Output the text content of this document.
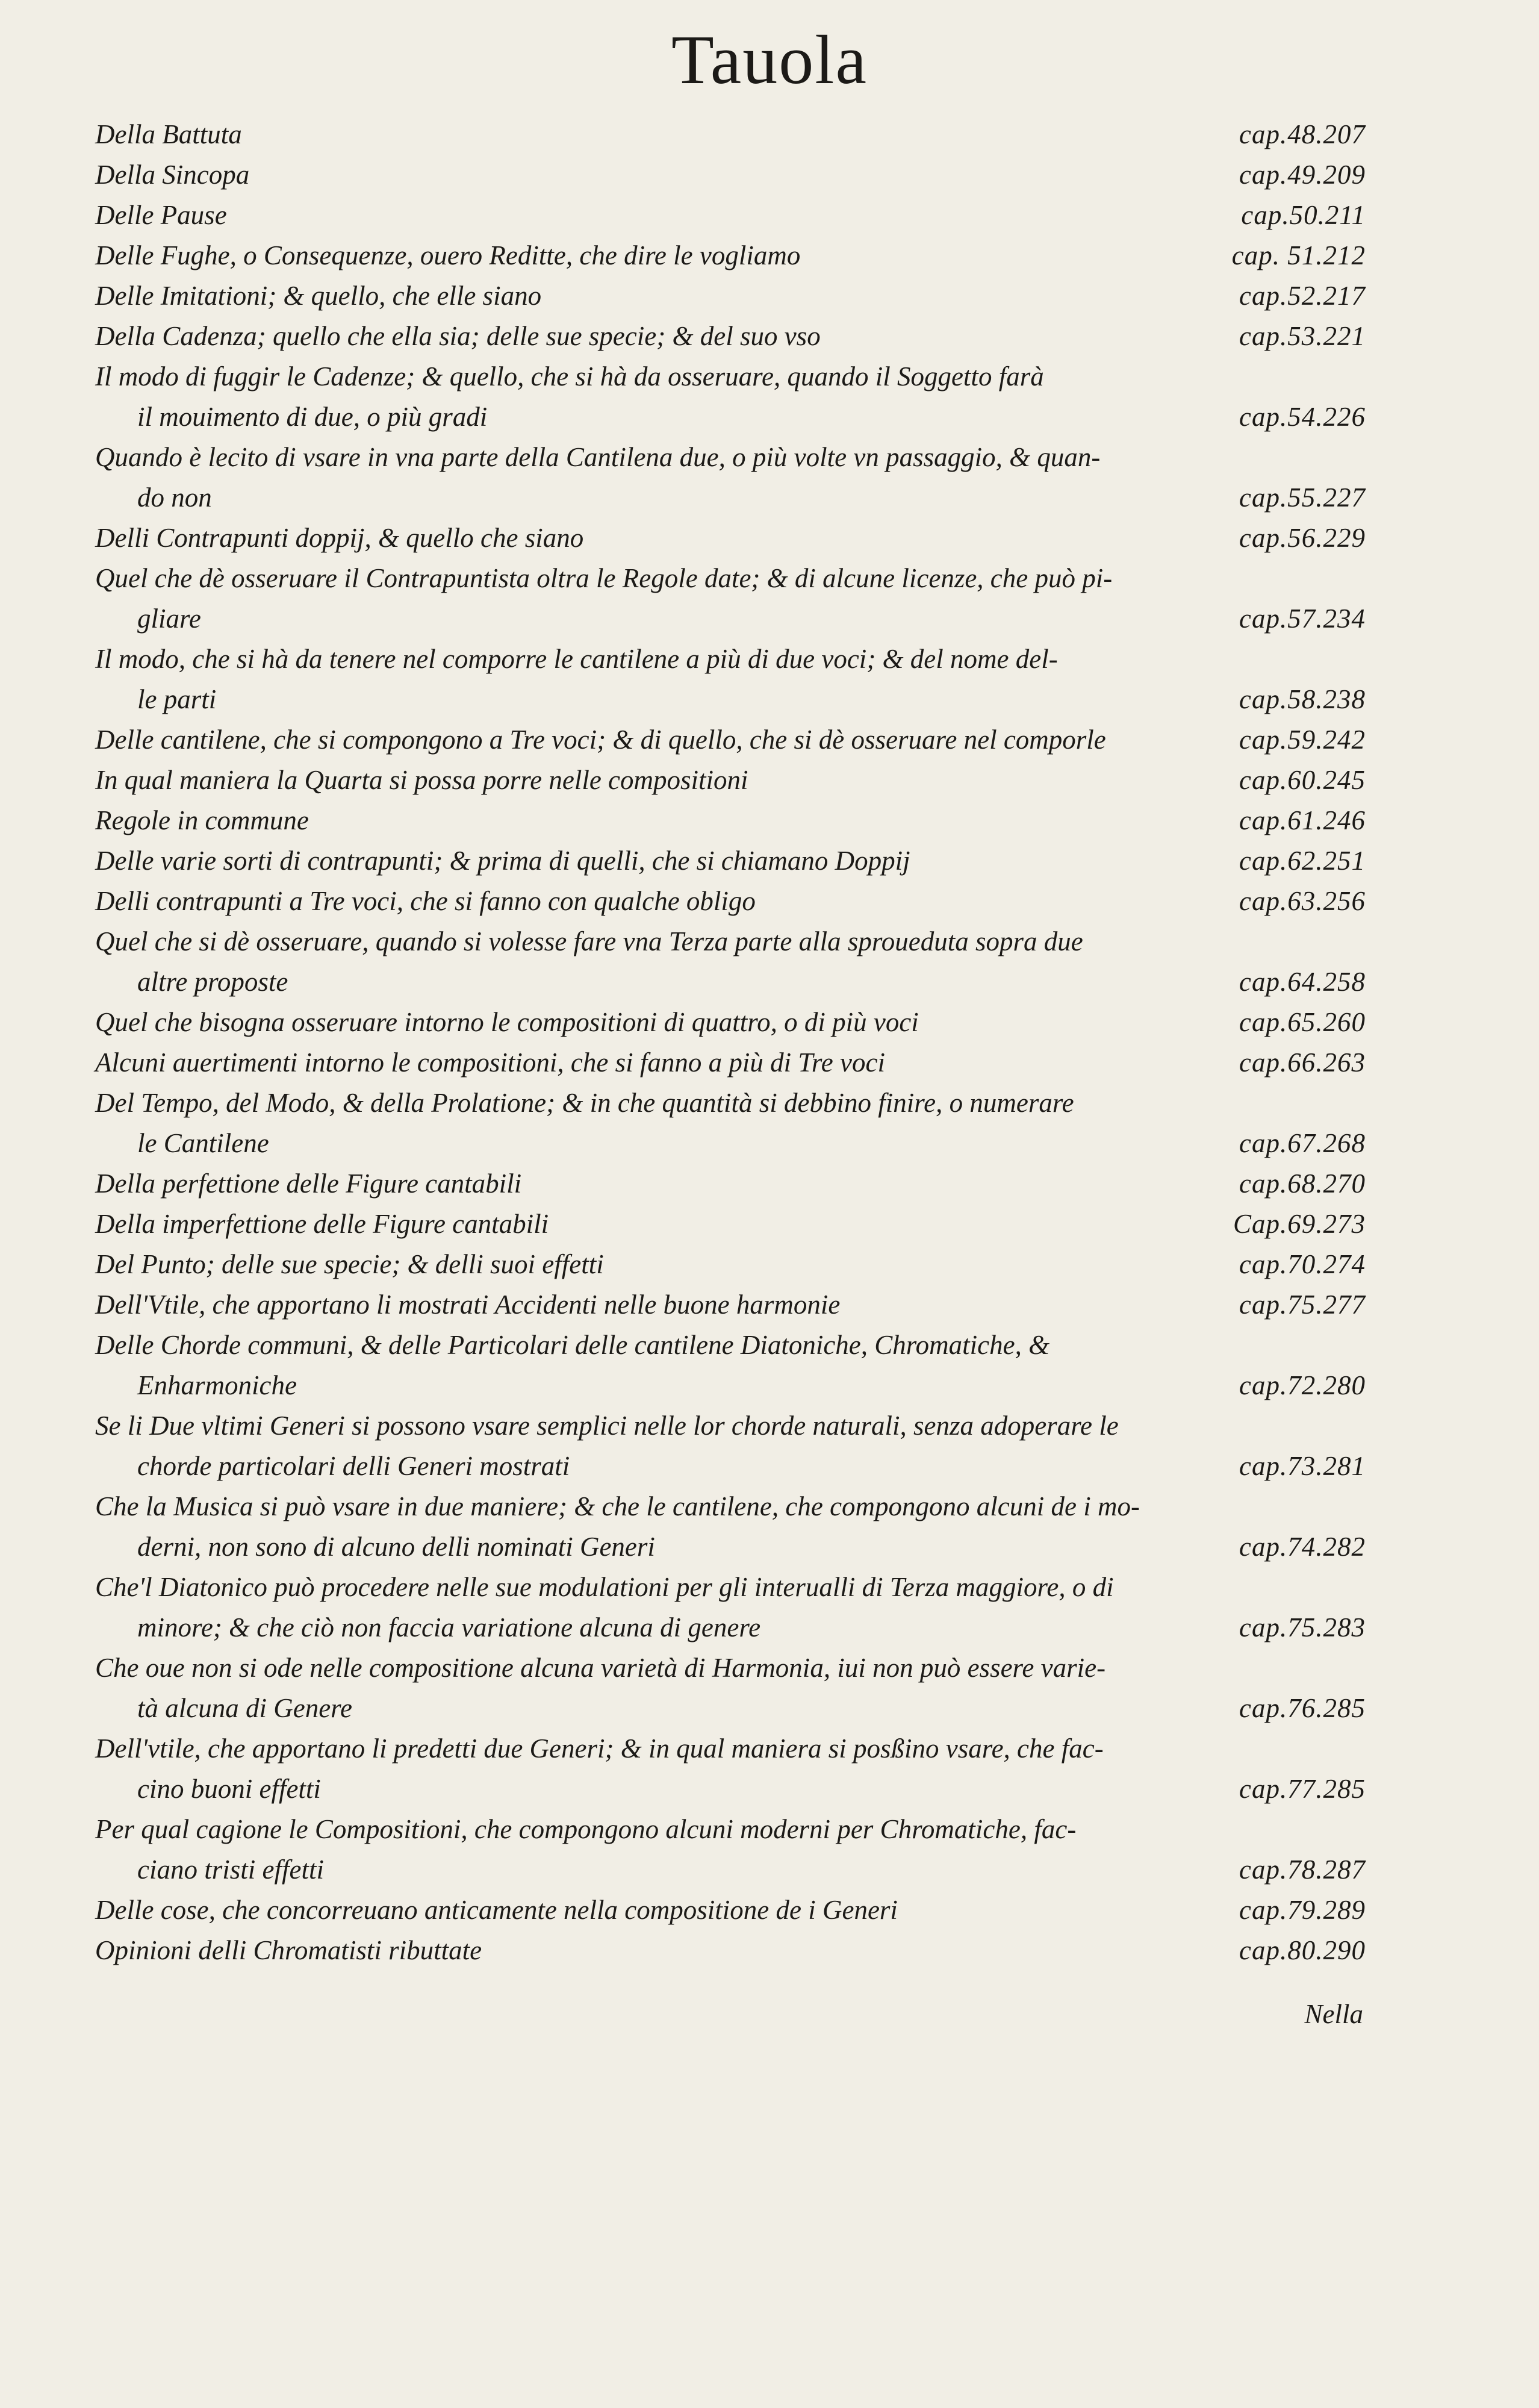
Tauola
Della Battuta	cap.48.207
Della Sincopa	cap.49.209
Delle Pause	cap.50.211
Delle Fughe, o Consequenze, ouero Reditte, che dire le vogliamo	cap. 51.212
Delle Imitationi; & quello, che elle siano	cap.52.217
Della Cadenza; quello che ella sia; delle sue specie; & del suo vso	cap.53.221
Il modo di fuggir le Cadenze; & quello, che si hà da osseruare, quando il Soggetto farà
il mouimento di due, o più gradi	cap.54.226
Quando è lecito di vsare in vna parte della Cantilena due, o più volte vn passaggio, & quan-
do non	cap.55.227
Delli Contrapunti doppij, & quello che siano	cap.56.229
Quel che dè osseruare il Contrapuntista oltra le Regole date; & di alcune licenze, che può pi-
gliare	cap.57.234
Il modo, che si hà da tenere nel comporre le cantilene a più di due voci; & del nome del-
le parti	cap.58.238
Delle cantilene, che si compongono a Tre voci; & di quello, che si dè osseruare nel comporle	cap.59.242
In qual maniera la Quarta si possa porre nelle compositioni	cap.60.245
Regole in commune	cap.61.246
Delle varie sorti di contrapunti; & prima di quelli, che si chiamano Doppij	cap.62.251
Delli contrapunti a Tre voci, che si fanno con qualche obligo	cap.63.256
Quel che si dè osseruare, quando si volesse fare vna Terza parte alla sproueduta sopra due
altre proposte	cap.64.258
Quel che bisogna osseruare intorno le compositioni di quattro, o di più voci	cap.65.260
Alcuni auertimenti intorno le compositioni, che si fanno a più di Tre voci	cap.66.263
Del Tempo, del Modo, & della Prolatione; & in che quantità si debbino finire, o numerare
le Cantilene	cap.67.268
Della perfettione delle Figure cantabili	cap.68.270
Della imperfettione delle Figure cantabili	Cap.69.273
Del Punto; delle sue specie; & delli suoi effetti	cap.70.274
Dell'Vtile, che apportano li mostrati Accidenti nelle buone harmonie	cap.75.277
Delle Chorde communi, & delle Particolari delle cantilene Diatoniche, Chromatiche, &
Enharmoniche	cap.72.280
Se li Due vltimi Generi si possono vsare semplici nelle lor chorde naturali, senza adoperare le
chorde particolari delli Generi mostrati	cap.73.281
Che la Musica si può vsare in due maniere; & che le cantilene, che compongono alcuni de i mo-
derni, non sono di alcuno delli nominati Generi	cap.74.282
Che'l Diatonico può procedere nelle sue modulationi per gli interualli di Terza maggiore, o di
minore; & che ciò non faccia variatione alcuna di genere	cap.75.283
Che oue non si ode nelle compositione alcuna varietà di Harmonia, iui non può essere varie-
tà alcuna di Genere	cap.76.285
Dell'vtile, che apportano li predetti due Generi; & in qual maniera si posßino vsare, che fac-
cino buoni effetti	cap.77.285
Per qual cagione le Compositioni, che compongono alcuni moderni per Chromatiche, fac-
ciano tristi effetti	cap.78.287
Delle cose, che concorreuano anticamente nella compositione de i Generi	cap.79.289
Opinioni delli Chromatisti ributtate	cap.80.290
Nella
